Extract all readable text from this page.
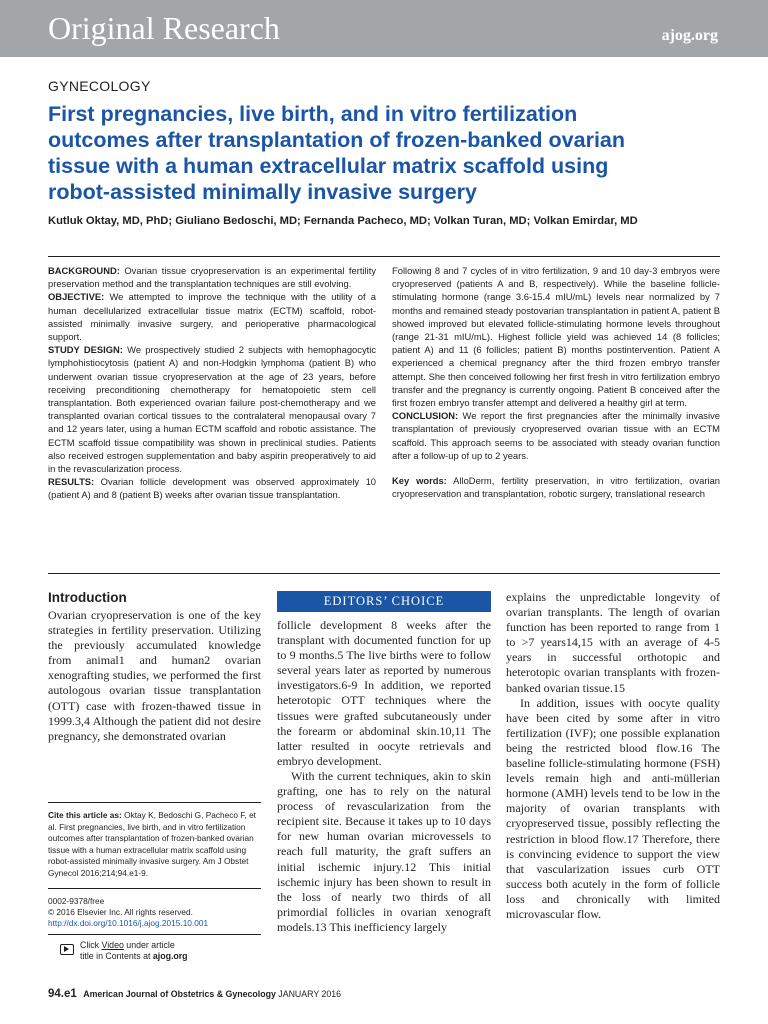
Original Research	ajog.org
GYNECOLOGY
First pregnancies, live birth, and in vitro fertilization outcomes after transplantation of frozen-banked ovarian tissue with a human extracellular matrix scaffold using robot-assisted minimally invasive surgery
Kutluk Oktay, MD, PhD; Giuliano Bedoschi, MD; Fernanda Pacheco, MD; Volkan Turan, MD; Volkan Emirdar, MD

BACKGROUND: Ovarian tissue cryopreservation is an experimental fertility preservation method and the transplantation techniques are still evolving.

OBJECTIVE: We attempted to improve the technique with the utility of a human decellularized extracellular tissue matrix (ECTM) scaffold, robot-assisted minimally invasive surgery, and perioperative pharmacological support.

STUDY DESIGN: We prospectively studied 2 subjects with hemophagocytic lymphohistiocytosis (patient A) and non-Hodgkin lymphoma (patient B) who underwent ovarian tissue cryopreservation at the age of 23 years, before receiving preconditioning chemotherapy for hematopoietic stem cell transplantation. Both experienced ovarian failure post-chemotherapy and we transplanted ovarian cortical tissues to the contralateral menopausal ovary 7 and 12 years later, using a human ECTM scaffold and robotic assistance. The ECTM scaffold tissue compatibility was shown in preclinical studies. Patients also received estrogen supplementation and baby aspirin preoperatively to aid in the revascularization process.

RESULTS: Ovarian follicle development was observed approximately 10 (patient A) and 8 (patient B) weeks after ovarian tissue transplantation.

Following 8 and 7 cycles of in vitro fertilization, 9 and 10 day-3 embryos were cryopreserved (patients A and B, respectively). While the baseline follicle-stimulating hormone (range 3.6-15.4 mIU/mL) levels near normalized by 7 months and remained steady postovarian transplantation in patient A, patient B showed improved but elevated follicle-stimulating hormone levels throughout (range 21-31 mIU/mL). Highest follicle yield was achieved 14 (8 follicles; patient A) and 11 (6 follicles; patient B) months postintervention. Patient A experienced a chemical pregnancy after the third frozen embryo transfer attempt. She then conceived following her first fresh in vitro fertilization embryo transfer and the pregnancy is currently ongoing. Patient B conceived after the first frozen embryo transfer attempt and delivered a healthy girl at term.

CONCLUSION: We report the first pregnancies after the minimally invasive transplantation of previously cryopreserved ovarian tissue with an ECTM scaffold. This approach seems to be associated with steady ovarian function after a follow-up of up to 2 years.

Key words: AlloDerm, fertility preservation, in vitro fertilization, ovarian cryopreservation and transplantation, robotic surgery, translational research

Introduction

Ovarian cryopreservation is one of the key strategies in fertility preservation. Utilizing the previously accumulated knowledge from animal1 and human2 ovarian xenografting studies, we performed the first autologous ovarian tissue transplantation (OTT) case with frozen-thawed tissue in 1999.3,4 Although the patient did not desire pregnancy, she demonstrated ovarian

EDITORS’ CHOICE

follicle development 8 weeks after the transplant with documented function for up to 9 months.5 The live births were to follow several years later as reported by numerous investigators.6-9 In addition, we reported heterotopic OTT techniques where the tissues were grafted subcutaneously under the forearm or abdominal skin.10,11 The latter resulted in oocyte retrievals and embryo development.

With the current techniques, akin to skin grafting, one has to rely on the natural process of revascularization from the recipient site. Because it takes up to 10 days for new human ovarian microvessels to reach full maturity, the graft suffers an initial ischemic injury.12 This initial ischemic injury has been shown to result in the loss of nearly two thirds of all primordial follicles in ovarian xenograft models.13 This inefficiency largely

explains the unpredictable longevity of ovarian transplants. The length of ovarian function has been reported to range from 1 to >7 years14,15 with an average of 4-5 years in successful orthotopic and heterotopic ovarian transplants with frozen-banked ovarian tissue.15

In addition, issues with oocyte quality have been cited by some after in vitro fertilization (IVF); one possible explanation being the restricted blood flow.16 The baseline follicle-stimulating hormone (FSH) levels remain high and anti-müllerian hormone (AMH) levels tend to be low in the majority of ovarian transplants with cryopreserved tissue, possibly reflecting the restriction in blood flow.17 Therefore, there is convincing evidence to support the view that vascularization issues curb OTT success both acutely in the form of follicle loss and chronically with limited microvascular flow.

Cite this article as: Oktay K, Bedoschi G, Pacheco F, et al. First pregnancies, live birth, and in vitro fertilization outcomes after transplantation of frozen-banked ovarian tissue with a human extracellular matrix scaffold using robot-assisted minimally invasive surgery. Am J Obstet Gynecol 2016;214;94.e1-9.

0002-9378/free

© 2016 Elsevier Inc. All rights reserved.

http://dx.doi.org/10.1016/j.ajog.2015.10.001

Click Video under article
title in Contents at ajog.org
94.e1 American Journal of Obstetrics & Gynecology JANUARY 2016
